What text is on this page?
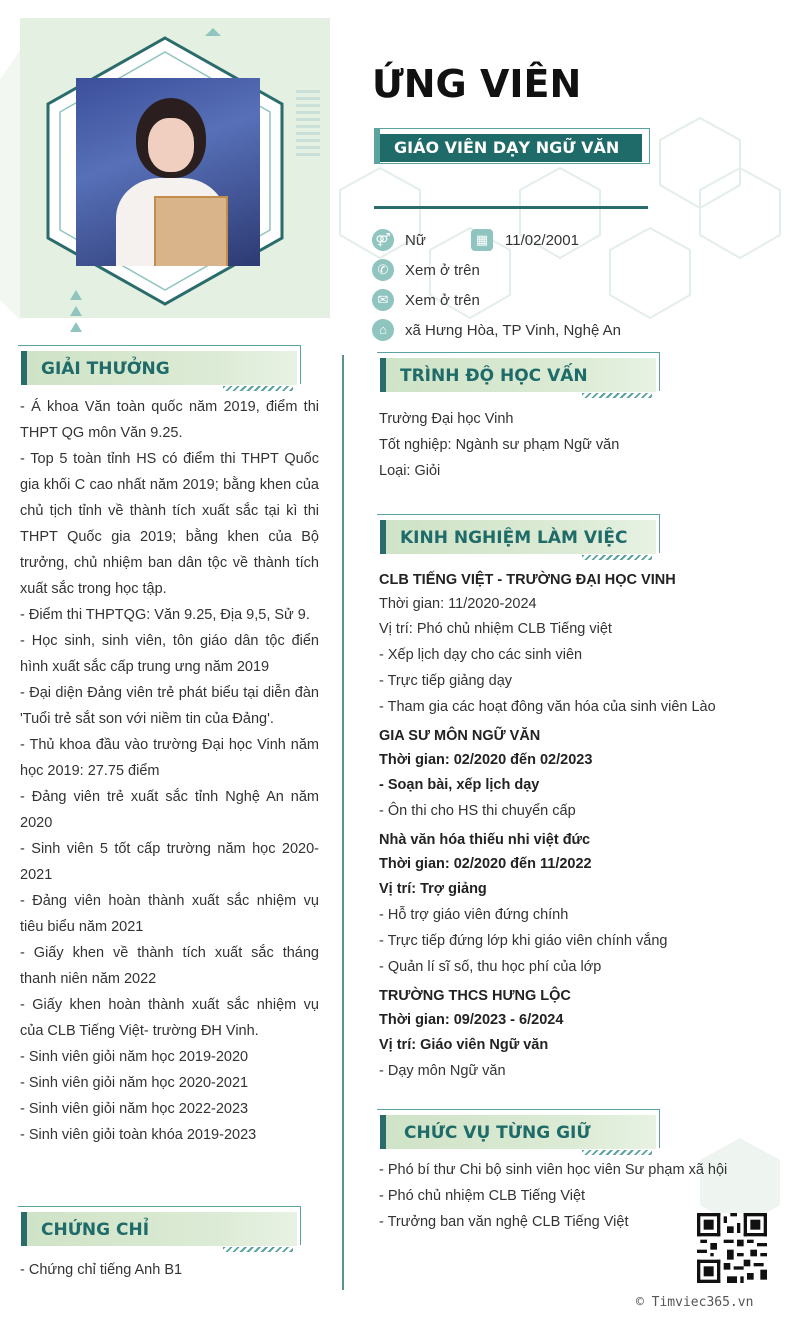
ỨNG VIÊN
GIÁO VIÊN DẠY NGỮ VĂN
⚤ Nữ	▦	11/02/2001
✆	Xem ở trên
✉	Xem ở trên
⌂	xã Hưng Hòa, TP Vinh, Nghệ An
GIẢI THƯỞNG

- Á khoa Văn toàn quốc năm 2019, điểm thi THPT QG môn Văn 9.25.

- Top 5 toàn tỉnh HS có điểm thi THPT Quốc gia khối C cao nhất năm 2019; bằng khen của chủ tịch tỉnh về thành tích xuất sắc tại kì thi THPT Quốc gia 2019; bằng khen của Bộ trưởng, chủ nhiệm ban dân tộc về thành tích xuất sắc trong học tập.

- Điểm thi THPTQG: Văn 9.25, Địa 9,5, Sử 9.

- Học sinh, sinh viên, tôn giáo dân tộc điển hình xuất sắc cấp trung ưng năm 2019

- Đại diện Đảng viên trẻ phát biểu tại diễn đàn 'Tuổi trẻ sắt son với niềm tin của Đảng'.

- Thủ khoa đầu vào trường Đại học Vinh năm học 2019: 27.75 điểm

- Đảng viên trẻ xuất sắc tỉnh Nghệ An năm 2020

- Sinh viên 5 tốt cấp trường năm học 2020-2021

- Đảng viên hoàn thành xuất sắc nhiệm vụ tiêu biểu năm 2021

- Giấy khen về thành tích xuất sắc tháng thanh niên năm 2022

- Giấy khen hoàn thành xuất sắc nhiệm vụ của CLB Tiếng Việt- trường ĐH Vinh.

- Sinh viên giỏi năm học 2019-2020

- Sinh viên giỏi năm học 2020-2021

- Sinh viên giỏi năm học 2022-2023

- Sinh viên giỏi toàn khóa 2019-2023

CHỨNG CHỈ

- Chứng chỉ tiếng Anh B1

TRÌNH ĐỘ HỌC VẤN

Trường Đại học Vinh

Tốt nghiệp: Ngành sư phạm Ngữ văn

Loại: Giỏi

KINH NGHIỆM LÀM VIỆC

CLB TIẾNG VIỆT - TRƯỜNG ĐẠI HỌC VINH

Thời gian: 11/2020-2024

Vị trí: Phó chủ nhiệm CLB Tiếng việt

- Xếp lịch dạy cho các sinh viên

- Trực tiếp giảng dạy

- Tham gia các hoạt đông văn hóa của sinh viên Lào

GIA SƯ MÔN NGỮ VĂN

Thời gian: 02/2020 đến 02/2023

- Soạn bài, xếp lịch dạy

- Ôn thi cho HS thi chuyển cấp

Nhà văn hóa thiếu nhi việt đức

Thời gian: 02/2020 đến 11/2022

Vị trí: Trợ giảng

- Hỗ trợ giáo viên đứng chính

- Trực tiếp đứng lớp khi giáo viên chính vắng

- Quản lí sĩ số, thu học phí của lớp

TRƯỜNG THCS HƯNG LỘC

Thời gian: 09/2023 - 6/2024

Vị trí: Giáo viên Ngữ văn

- Dạy môn Ngữ văn

CHỨC VỤ TỪNG GIỮ

- Phó bí thư Chi bộ sinh viên học viên Sư phạm xã hội

- Phó chủ nhiệm CLB Tiếng Việt

- Trưởng ban văn nghệ CLB Tiếng Việt

© Timviec365.vn
